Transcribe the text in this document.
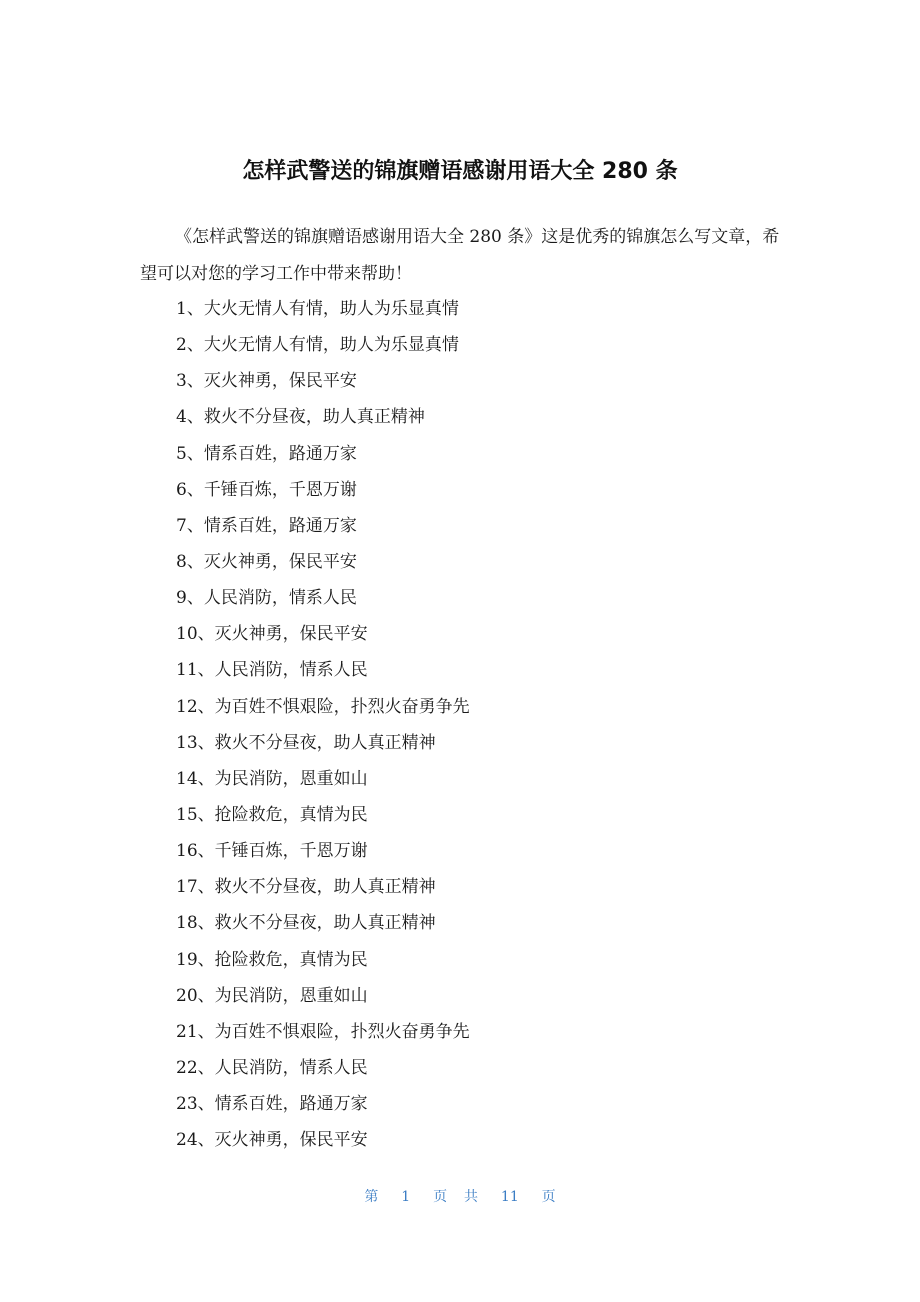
怎样武警送的锦旗赠语感谢用语大全 280 条

《怎样武警送的锦旗赠语感谢用语大全 280 条》这是优秀的锦旗怎么写文章，希望可以对您的学习工作中带来帮助！

1、大火无情人有情，助人为乐显真情
2、大火无情人有情，助人为乐显真情
3、灭火神勇，保民平安
4、救火不分昼夜，助人真正精神
5、情系百姓，路通万家
6、千锤百炼，千恩万谢
7、情系百姓，路通万家
8、灭火神勇，保民平安
9、人民消防，情系人民
10、灭火神勇，保民平安
11、人民消防，情系人民
12、为百姓不惧艰险，扑烈火奋勇争先
13、救火不分昼夜，助人真正精神
14、为民消防，恩重如山
15、抢险救危，真情为民
16、千锤百炼，千恩万谢
17、救火不分昼夜，助人真正精神
18、救火不分昼夜，助人真正精神
19、抢险救危，真情为民
20、为民消防，恩重如山
21、为百姓不惧艰险，扑烈火奋勇争先
22、人民消防，情系人民
23、情系百姓，路通万家
24、灭火神勇，保民平安
第 1 页 共 11 页
